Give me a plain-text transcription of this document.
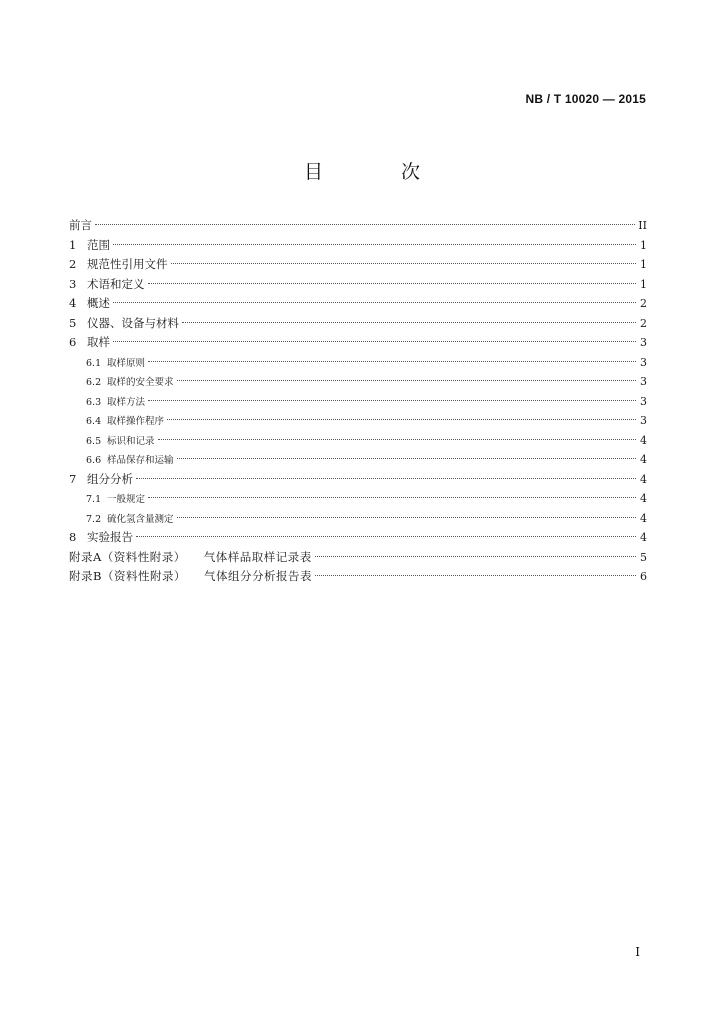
NB / T 10020 — 2015
目 次
前言	II
1 范围	1
2 规范性引用文件	1
3 术语和定义	1
4 概述	2
5 仪器、设备与材料	2
6 取样	3
6.1 取样原则	3
6.2 取样的安全要求	3
6.3 取样方法	3
6.4 取样操作程序	3
6.5 标识和记录	4
6.6 样品保存和运输	4
7 组分分析	4
7.1 一般规定	4
7.2 硫化氢含量测定	4
8 实验报告	4
附录A（资料性附录） 气体样品取样记录表	5
附录B（资料性附录） 气体组分分析报告表	6
I
